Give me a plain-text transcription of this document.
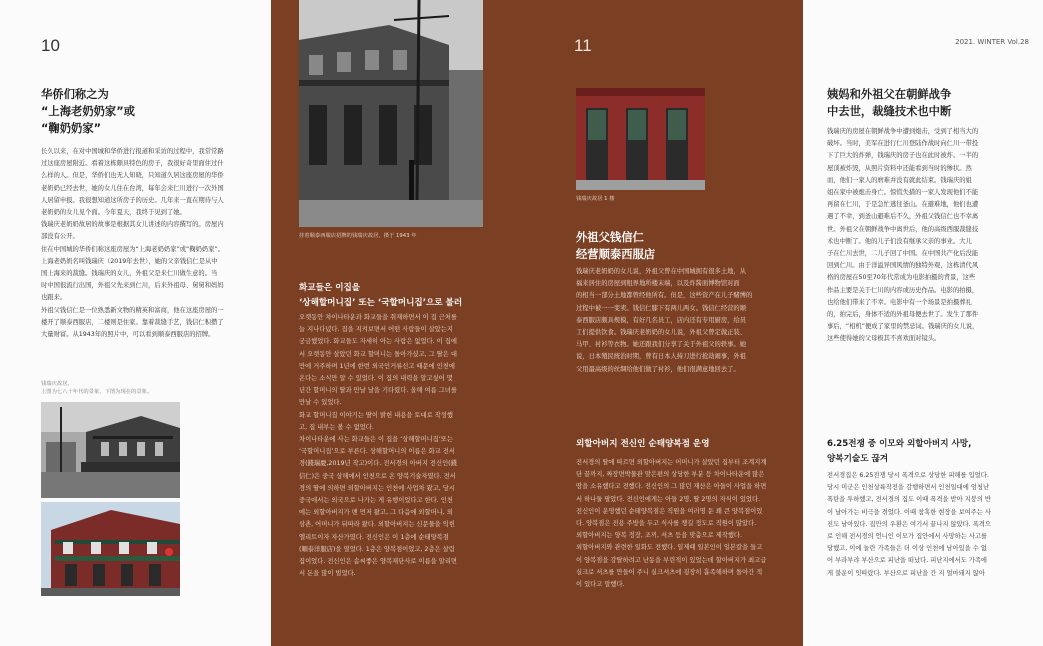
10
华侨们称之为
“上海老奶奶家”或
“鞠奶奶家”
长久以来，在对中国城和华侨进行报道和采访的过程中，我常常路
过这座房屋附近。看着这栋颇具特色的房子，我很好奇里面住过什
么样的人。但是，华侨们也无人知晓，只知道久居这座房屋的华侨
老奶奶已经去世，她的女儿住在台湾，每年会来仁川进行一次外国
人居留申报。我很想知道这所房子的历史。几年来一直在期待与人
老奶奶的女儿见个面。今年夏天，我终于见到了她。
钱瑞庆老奶奶故居的故事是根据其女儿讲述的内容撰写的。房屋内
部没有公开。
住在中国城的华侨们称这座房屋为“上海老奶奶家”或“鞠奶奶家”。
上海老奶奶名叫钱瑞庆（2019年去世），她的父亲钱信仁是从中
国上海来的裁缝。钱瑞庆的女儿，外祖父是来仁川做生意的。当
时中国很流行出国，外祖父先来到仁川，后来外祖母、舅舅和妈妈
也跟来。
外祖父钱信仁是一位熟悉新文物的精英和富商，他在这座房屋的一
楼开了顺泰西服店，二楼则是住家。靠着裁缝手艺，钱信仁积攒了
大量财富。从1943年的照片中，可以看到顺泰西服店的招牌。
钱瑞庆故居。
上图为七八十年代的景象，下图为现在的景象。
挂着顺泰西服店招牌的钱瑞庆故居，摄于 1943 年
화교들은 이집을
‘상해할머니집’ 또는 ‘국할머니집’으로 불러
오랫동안 차이나타운과 화교들을 취재하면서 이 집 근처를
늘 지나다녔다. 집을 지켜보면서 어떤 사람들이 살았는지
궁금했었다. 화교들도 자세히 아는 사람은 없었다. 이 집에
서 오랫동안 살았던 화교 할머니는 돌아가셨고, 그 딸은 대
만에 거주하며 1년에 한번 외국인거류신고 때문에 인천에
온다는 소식만 알 수 있었다. 이 집의 내력을 알고싶어 몇
년간 할머니의 딸과 만날 날을 기다렸다. 올해 여름 그녀를
만날 수 있었다.
화교 할머니집 이야기는 딸이 밝힌 내용을 토대로 작성했
고, 집 내부는 볼 수 없었다.
차이나타운에 사는 화교들은 이 집을 ‘상해할머니집’또는
‘국할머니집’으로 부른다. 상해할머니의 이름은 화교 전서
경(錢瑞慶,2019년 작고)이다. 전서경의 아버지 전신인(錢
信仁)은 중국 상해에서 인천으로 온 양복기술자였다. 전서
경의 딸에 의하면 외할아버지는 인천에 사업차 왔고, 당시
중국에서는 외국으로 나가는 게 유행이었다고 한다. 인천
에는 외할아버지가 맨 먼저 왔고, 그 다음에 외할머니, 외
삼촌, 어머니가 뒤따라 왔다. 외할아버지는 신문물을 익힌
엘리트이자 자산가였다. 전신인은 이 1층에 순태양복점
(順泰洋服店)을 열었다. 1층은 양복점이었고, 2층은 살림
집이었다. 전신인은 솜씨좋은 양복재단사로 이름을 알리면
서 돈을 많이 벌었다.
11
钱瑞庆故居 1 楼
外祖父钱信仁
经营顺泰西服店
钱瑞庆老奶奶的女儿说，外祖父曾在中国城拥有很多土地，从
福来居住的房屋到租界地所楼末端，以及炸酱面博物馆对面
的相当一部分土地都曾经他所有。但是，这些资产在儿子赌博的
过程中被一一变卖。钱信仁膝下有两儿两女。钱信仁经营的顺
泰西服店颇具规模，有好几名员工，店内还有专用厨房，给员
工们提供饮食。钱瑞庆老奶奶的女儿说，外祖父曾定做正装、
马甲、衬衫等衣物。她还跟我们分享了关于外祖父的轶事。她
说，日本殖民统治时期，曾有日本人持刀进行抢劫闹事，外祖
父用最高级的丝绸给他们做了衬衫，他们很满意地回去了。
외할아버지 전신인 순태양복점 운영
전서경의 딸에 따르면 외할아버지는 어머니가 살았던 집부터 조계지계
단 끝까지, 짜장면박물관 맞은편의 상당한 부분 등 차이나타운에 많은
땅을 소유했다고 전했다. 전신인의 그 많던 재산은 아들이 사업을 하면
서 하나둘 팔았다. 전신인에게는 아들 2명, 딸 2명의 자식이 있었다.
전신인이 운영했던 순태양복점은 직원을 여러명 둔 꽤 큰 양복점이었
다. 양복점은 전용 주방을 두고 식사를 챙길 정도로 직원이 많았다.
외할아버지는 양복 정장, 조끼, 셔츠 등을 맞춤으로 제작했다.
외할아버지와 관련한 일화도 전했다. 일제때 일본인이 일본칼을 들고
이 양복점을 강탈하려고 난동을 부린적이 있었는데 할아버지가 최고급
실크로 셔츠를 만들어 주니 실크셔츠에 굉장히 흡족해하며 돌아간 적
이 있다고 말했다.
2021. WINTER Vol.28
姨妈和外祖父在朝鲜战争
中去世，裁缝技术也中断
钱瑞庆的房屋在朝鲜战争中遭到炮击，受到了相当大的
破坏。当时，美军在进行仁川登陆作战时向仁川一带投
下了巨大的炸弹，钱瑞庆的房子也在此时被炸。一半的
屋顶被炸毁，从照片资料中还能看到当时的惨状。然
而，他们一家人的磨难并没有就此结束。钱瑞庆的姐
姐在家中被炮击身亡。惊慌失措的一家人发现他们不能
再留在仁川，于是急忙逃往釜山。在避难地，他们也遭
遇了不幸，到釜山避难后不久，外祖父钱信仁也不幸离
世。外祖父在朝鲜战争中离世后，他的高级西服裁缝技
术也中断了。他的儿子们没有继承父亲的事业。大儿
子在仁川去世，二儿子回了中国。在中国共产化后没能
回到仁川。由于洋溢异国风情的独特外观，这栋清代风
格的房屋在50至70年代常成为电影拍摄的背景，这些
作品主要是关于仁川的内容或历史作品。电影的拍摄，
也给他们带来了不幸。电影中有一个场景是拍摄葬礼
的，拍完后，身体不适的外祖母便去世了。发生了那件
事后，“相机”便成了家里的禁忌词。钱瑞庆的女儿说，
这些使得她的父母极其不喜欢面对镜头。
6.25전쟁 중 이모와 외할아버지 사망,
양복기술도 끊겨
전서경집은 6.25전쟁 당시 폭격으로 상당한 피해를 입었다.
당시 미군은 인천상륙작전을 감행하면서 인천일대에 엄청난
폭탄을 투하했고, 전서경의 집도 이때 폭격을 받아 지붕의 반
이 날아가는 비극을 겪었다. 이때 참혹한 현장을 보여주는 사
진도 남아있다. 집안의 우환은 여기서 끝나지 않았다. 폭격으
로 인해 전서경의 언니인 이모가 집안에서 사망하는 사고를
당했고, 이에 놀란 가족들은 더 이상 인천에 남아있을 수 없
어 부라부랴 부산으로 피난을 떠났다. 피난지에서도 가족에
게 불운이 잇따랐다. 부산으로 피난을 간 지 얼마돼지 않아
